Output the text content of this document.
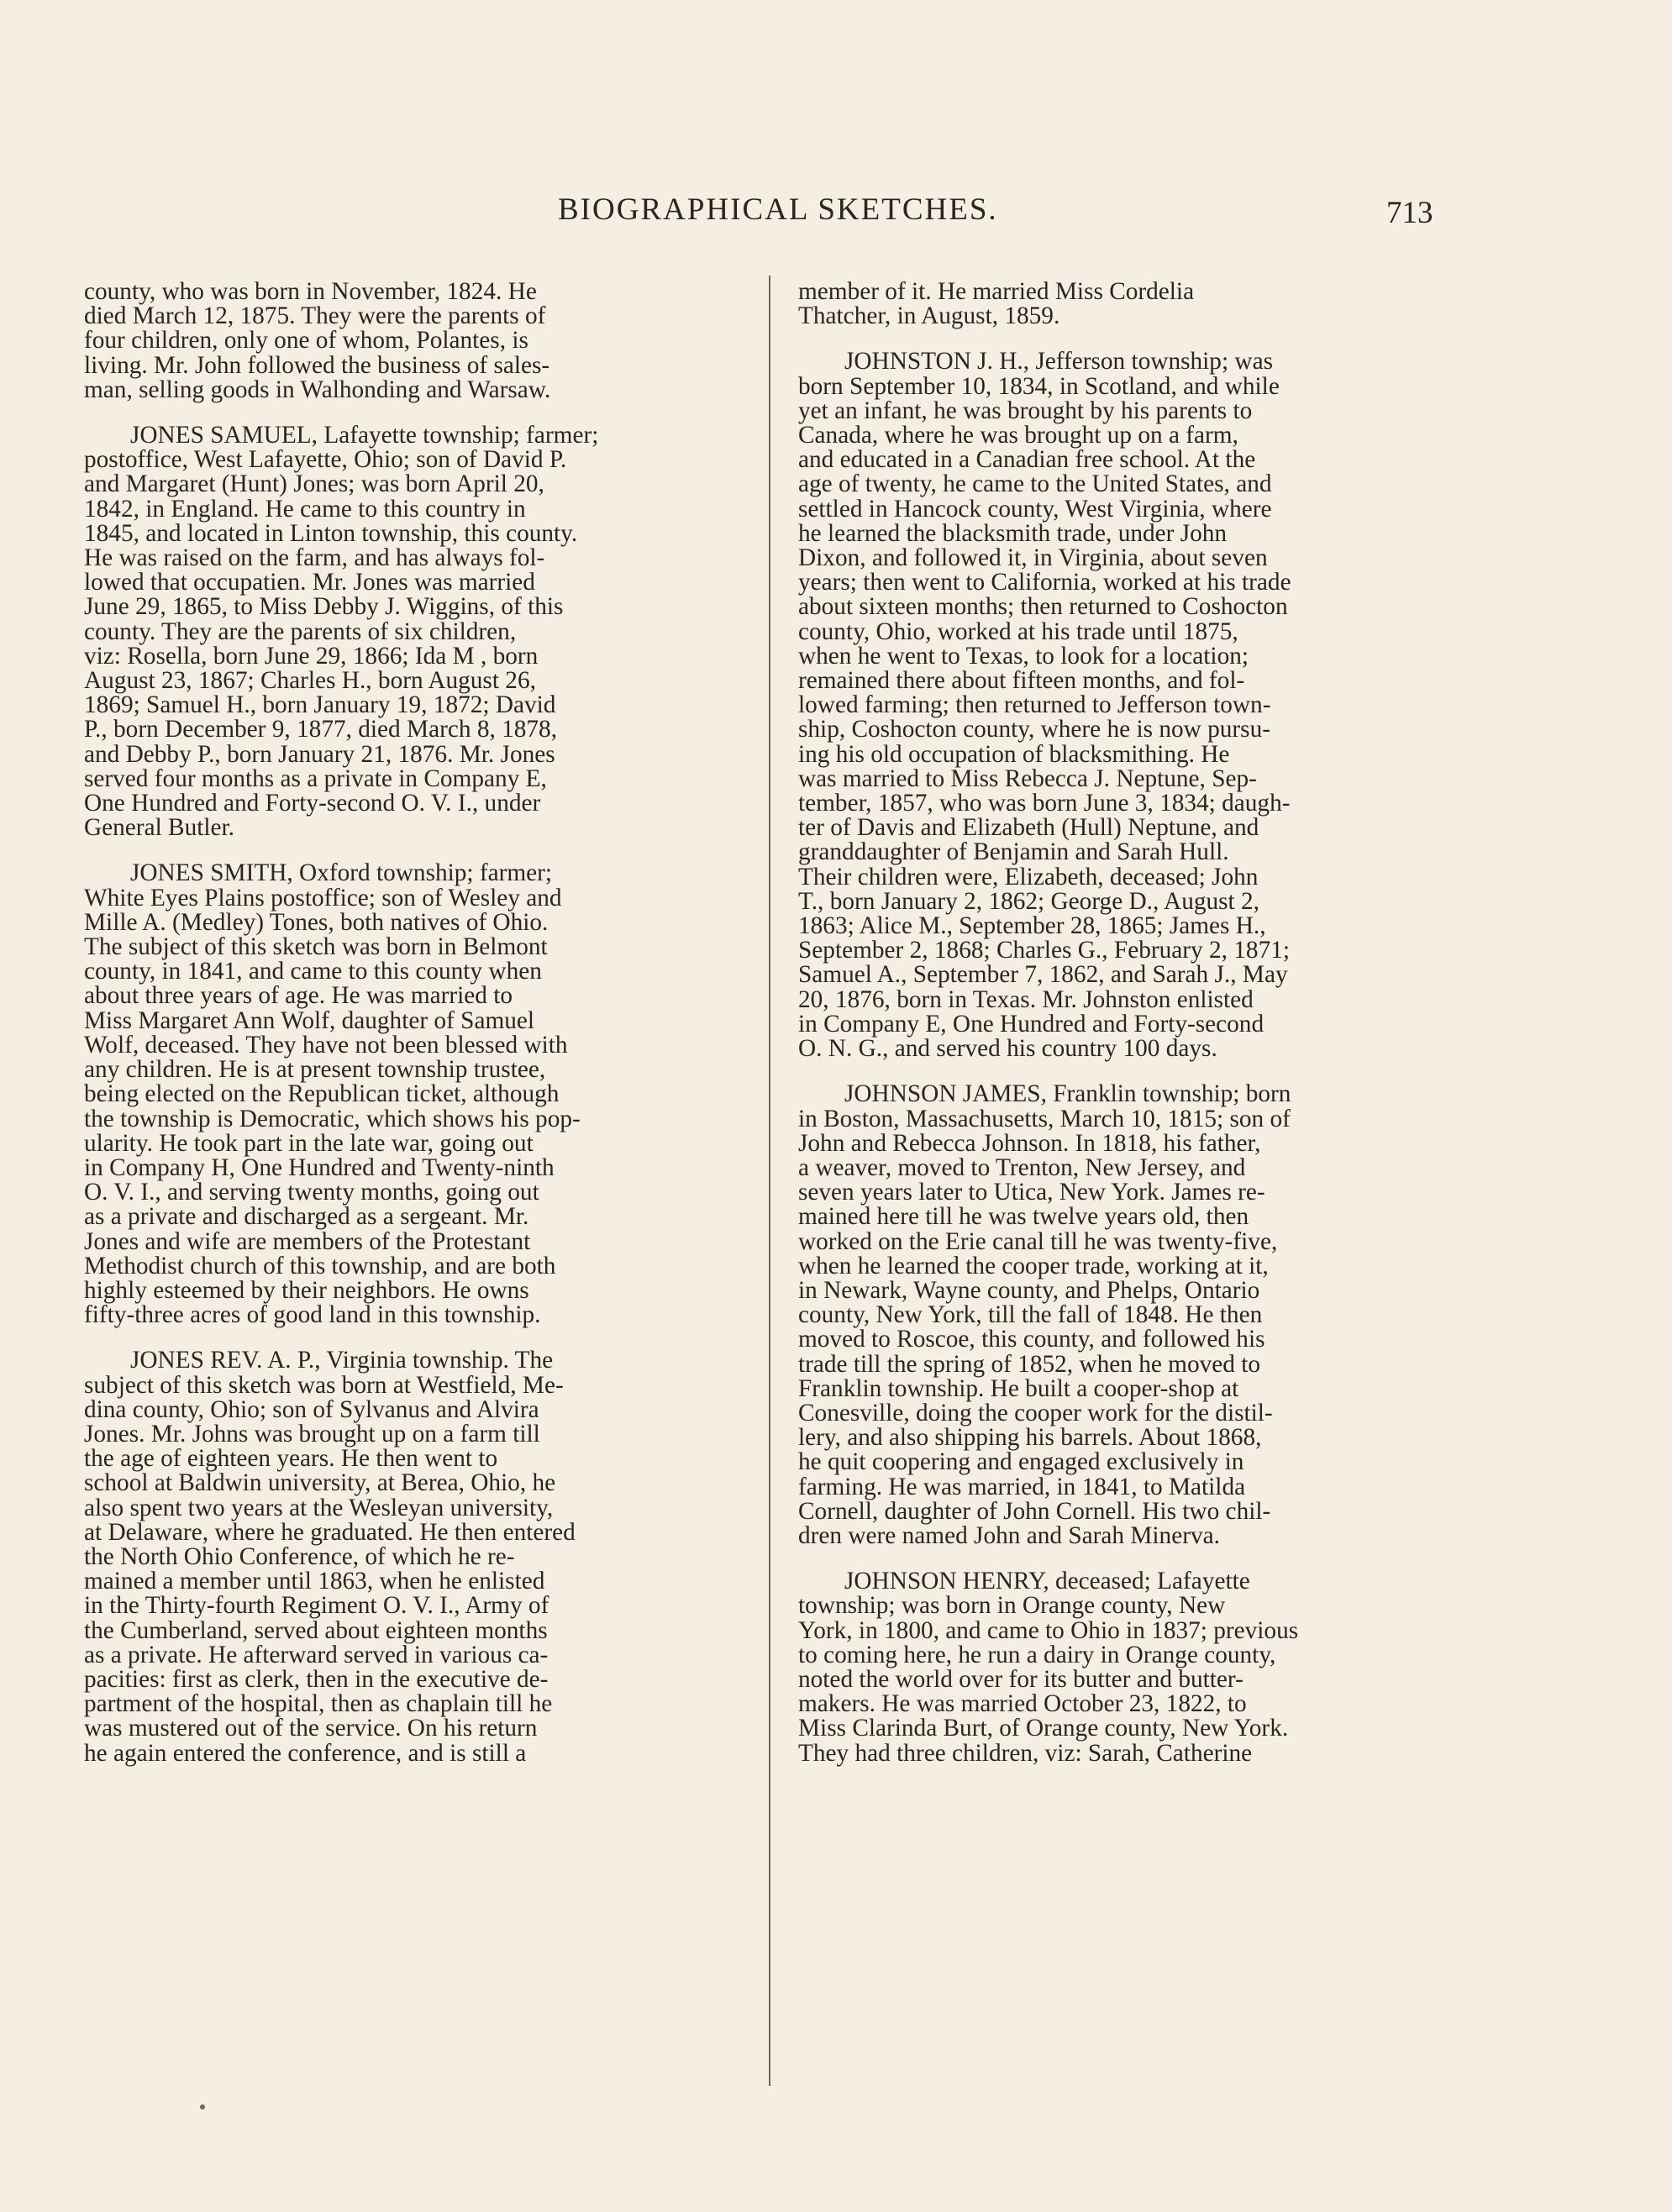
BIOGRAPHICAL SKETCHES.	713

county, who was born in November, 1824. He
died March 12, 1875. They were the parents of
four children, only one of whom, Polantes, is
living. Mr. John followed the business of sales-
man, selling goods in Walhonding and Warsaw.

JONES SAMUEL, Lafayette township; farmer;
postoffice, West Lafayette, Ohio; son of David P.
and Margaret (Hunt) Jones; was born April 20,
1842, in England. He came to this country in
1845, and located in Linton township, this county.
He was raised on the farm, and has always fol-
lowed that occupatien. Mr. Jones was married
June 29, 1865, to Miss Debby J. Wiggins, of this
county. They are the parents of six children,
viz: Rosella, born June 29, 1866; Ida M , born
August 23, 1867; Charles H., born August 26,
1869; Samuel H., born January 19, 1872; David
P., born December 9, 1877, died March 8, 1878,
and Debby P., born January 21, 1876. Mr. Jones
served four months as a private in Company E,
One Hundred and Forty-second O. V. I., under
General Butler.

JONES SMITH, Oxford township; farmer;
White Eyes Plains postoffice; son of Wesley and
Mille A. (Medley) Tones, both natives of Ohio.
The subject of this sketch was born in Belmont
county, in 1841, and came to this county when
about three years of age. He was married to
Miss Margaret Ann Wolf, daughter of Samuel
Wolf, deceased. They have not been blessed with
any children. He is at present township trustee,
being elected on the Republican ticket, although
the township is Democratic, which shows his pop-
ularity. He took part in the late war, going out
in Company H, One Hundred and Twenty-ninth
O. V. I., and serving twenty months, going out
as a private and discharged as a sergeant. Mr.
Jones and wife are members of the Protestant
Methodist church of this township, and are both
highly esteemed by their neighbors. He owns
fifty-three acres of good land in this township.

JONES REV. A. P., Virginia township. The
subject of this sketch was born at Westfield, Me-
dina county, Ohio; son of Sylvanus and Alvira
Jones. Mr. Johns was brought up on a farm till
the age of eighteen years. He then went to
school at Baldwin university, at Berea, Ohio, he
also spent two years at the Wesleyan university,
at Delaware, where he graduated. He then entered
the North Ohio Conference, of which he re-
mained a member until 1863, when he enlisted
in the Thirty-fourth Regiment O. V. I., Army of
the Cumberland, served about eighteen months
as a private. He afterward served in various ca-
pacities: first as clerk, then in the executive de-
partment of the hospital, then as chaplain till he
was mustered out of the service. On his return
he again entered the conference, and is still a

member of it. He married Miss Cordelia
Thatcher, in August, 1859.

JOHNSTON J. H., Jefferson township; was
born September 10, 1834, in Scotland, and while
yet an infant, he was brought by his parents to
Canada, where he was brought up on a farm,
and educated in a Canadian free school. At the
age of twenty, he came to the United States, and
settled in Hancock county, West Virginia, where
he learned the blacksmith trade, under John
Dixon, and followed it, in Virginia, about seven
years; then went to California, worked at his trade
about sixteen months; then returned to Coshocton
county, Ohio, worked at his trade until 1875,
when he went to Texas, to look for a location;
remained there about fifteen months, and fol-
lowed farming; then returned to Jefferson town-
ship, Coshocton county, where he is now pursu-
ing his old occupation of blacksmithing. He
was married to Miss Rebecca J. Neptune, Sep-
tember, 1857, who was born June 3, 1834; daugh-
ter of Davis and Elizabeth (Hull) Neptune, and
granddaughter of Benjamin and Sarah Hull.
Their children were, Elizabeth, deceased; John
T., born January 2, 1862; George D., August 2,
1863; Alice M., September 28, 1865; James H.,
September 2, 1868; Charles G., February 2, 1871;
Samuel A., September 7, 1862, and Sarah J., May
20, 1876, born in Texas. Mr. Johnston enlisted
in Company E, One Hundred and Forty-second
O. N. G., and served his country 100 days.

JOHNSON JAMES, Franklin township; born
in Boston, Massachusetts, March 10, 1815; son of
John and Rebecca Johnson. In 1818, his father,
a weaver, moved to Trenton, New Jersey, and
seven years later to Utica, New York. James re-
mained here till he was twelve years old, then
worked on the Erie canal till he was twenty-five,
when he learned the cooper trade, working at it,
in Newark, Wayne county, and Phelps, Ontario
county, New York, till the fall of 1848. He then
moved to Roscoe, this county, and followed his
trade till the spring of 1852, when he moved to
Franklin township. He built a cooper-shop at
Conesville, doing the cooper work for the distil-
lery, and also shipping his barrels. About 1868,
he quit coopering and engaged exclusively in
farming. He was married, in 1841, to Matilda
Cornell, daughter of John Cornell. His two chil-
dren were named John and Sarah Minerva.

JOHNSON HENRY, deceased; Lafayette
township; was born in Orange county, New
York, in 1800, and came to Ohio in 1837; previous
to coming here, he run a dairy in Orange county,
noted the world over for its butter and butter-
makers. He was married October 23, 1822, to
Miss Clarinda Burt, of Orange county, New York.
They had three children, viz: Sarah, Catherine
